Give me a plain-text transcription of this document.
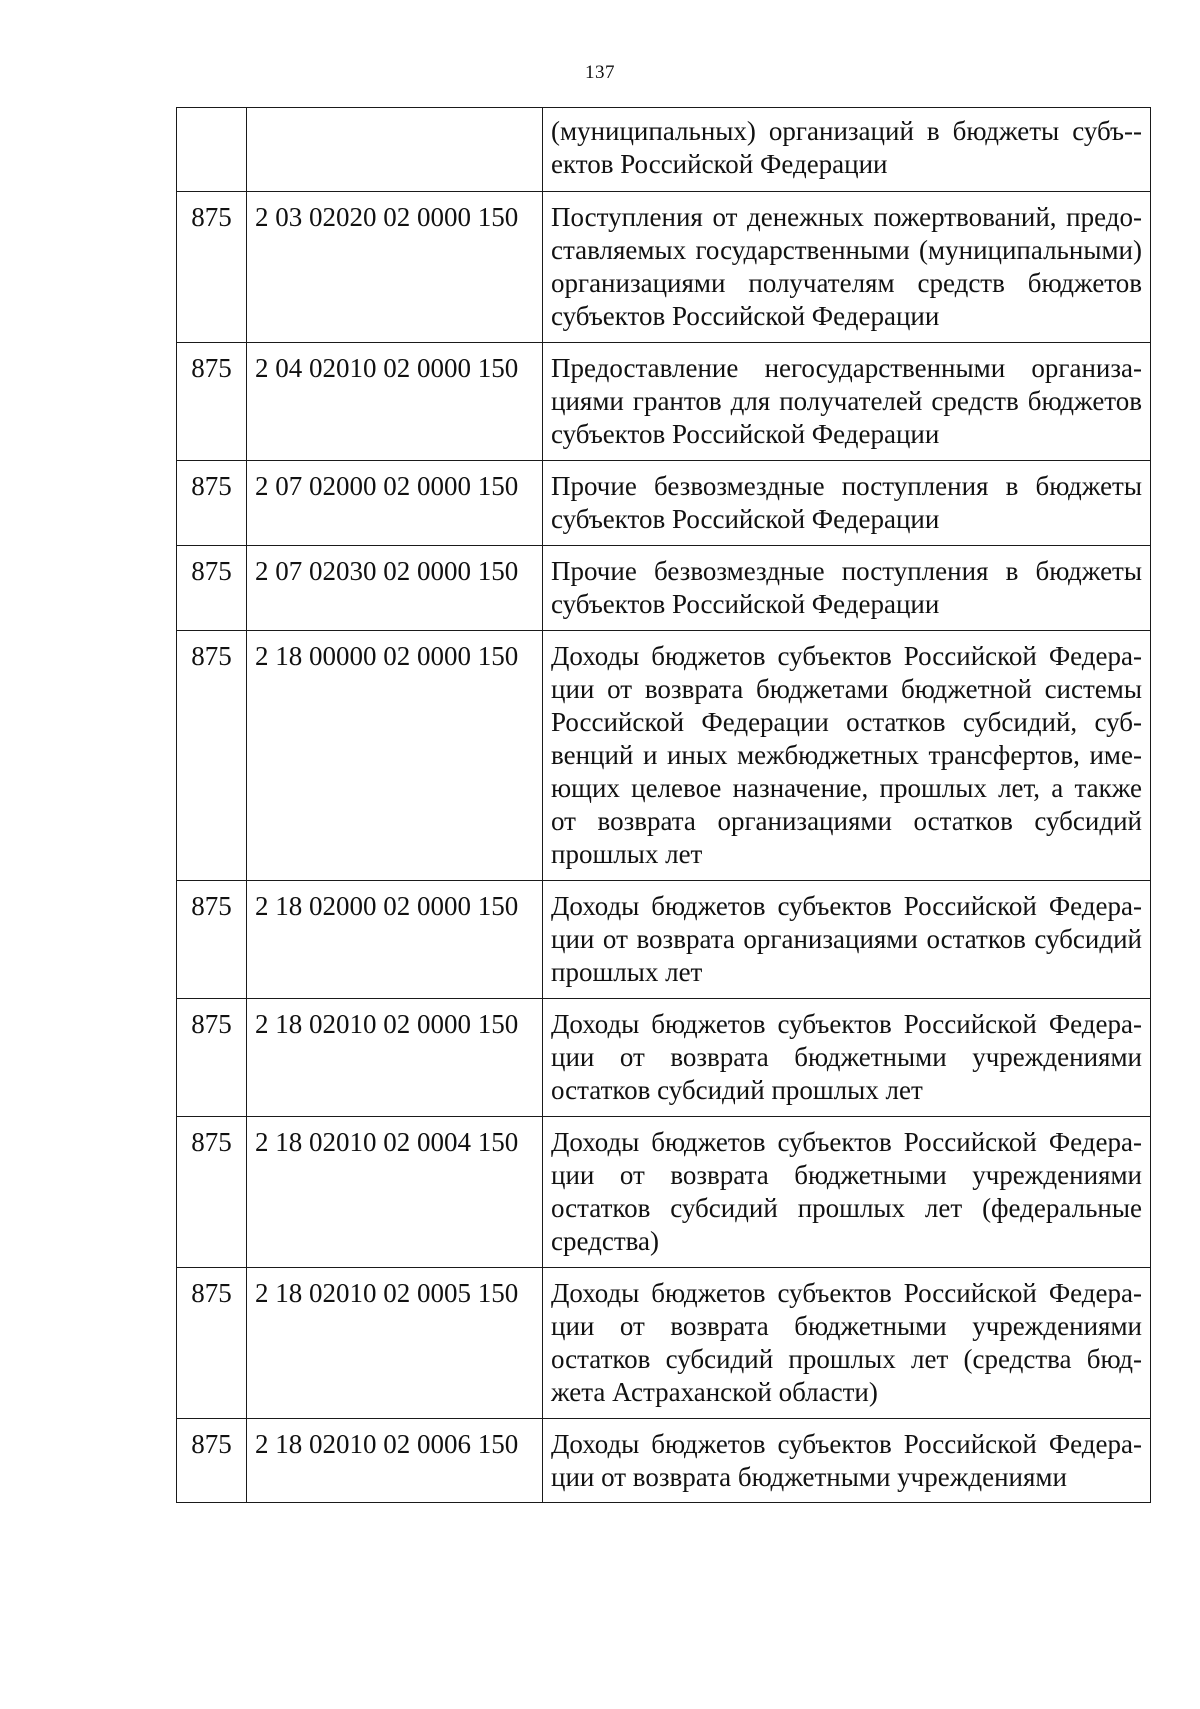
137
		(муниципальных) организаций в бюджеты субъ-ектов Российской Федерации
875	2 03 02020 02 0000 150	Поступления от денежных пожертвований, предоставляемых государственными (муниципальными) организациями получателям средств бюджетов субъектов Российской Федерации
875	2 04 02010 02 0000 150	Предоставление негосударственными организациями грантов для получателей средств бюджетов субъектов Российской Федерации
875	2 07 02000 02 0000 150	Прочие безвозмездные поступления в бюджеты субъектов Российской Федерации
875	2 07 02030 02 0000 150	Прочие безвозмездные поступления в бюджеты субъектов Российской Федерации
875	2 18 00000 02 0000 150	Доходы бюджетов субъектов Российской Федерации от возврата бюджетами бюджетной системы Российской Федерации остатков субсидий, субвенций и иных межбюджетных трансфертов, имеющих целевое назначение, прошлых лет, а также от возврата организациями остатков субсидий прошлых лет
875	2 18 02000 02 0000 150	Доходы бюджетов субъектов Российской Федерации от возврата организациями остатков субсидий прошлых лет
875	2 18 02010 02 0000 150	Доходы бюджетов субъектов Российской Федерации от возврата бюджетными учреждениями остатков субсидий прошлых лет
875	2 18 02010 02 0004 150	Доходы бюджетов субъектов Российской Федерации от возврата бюджетными учреждениями остатков субсидий прошлых лет (федеральные средства)
875	2 18 02010 02 0005 150	Доходы бюджетов субъектов Российской Федерации от возврата бюджетными учреждениями остатков субсидий прошлых лет (средства бюджета Астраханской области)
875	2 18 02010 02 0006 150	Доходы бюджетов субъектов Российской Федерации от возврата бюджетными учреждениями
